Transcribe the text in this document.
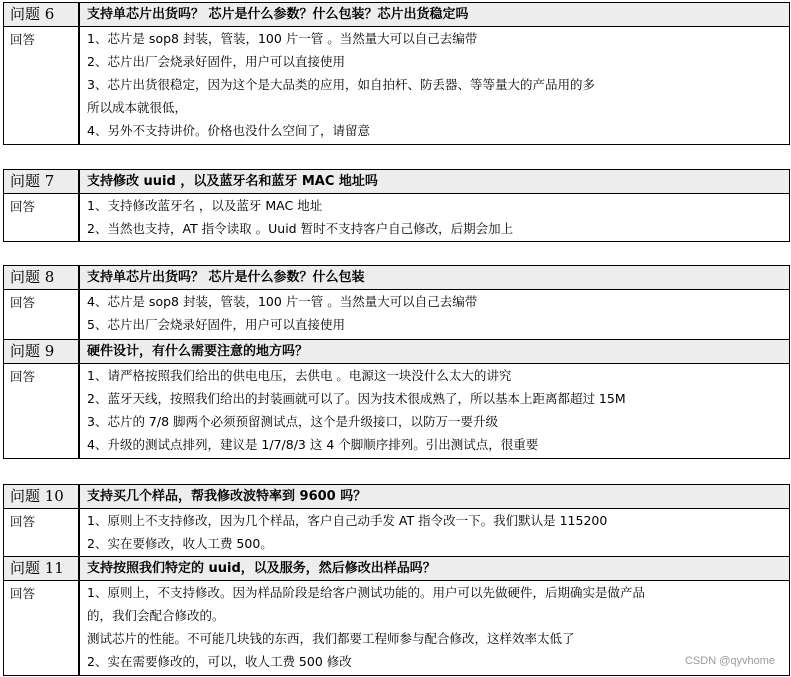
问题 6	支持单芯片出货吗？ 芯片是什么参数？什么包装？芯片出货稳定吗
回答	1、芯片是 sop8 封装，管装，100 片一管 。当然量大可以自己去编带
2、芯片出厂会烧录好固件，用户可以直接使用
3、芯片出货很稳定，因为这个是大品类的应用，如自拍杆、防丢器、等等量大的产品用的多
所以成本就很低，
4、另外不支持讲价。价格也没什么空间了，请留意
问题 7	支持修改 uuid ，以及蓝牙名和蓝牙 MAC 地址吗
回答	1、支持修改蓝牙名 ，以及蓝牙 MAC 地址
2、当然也支持，AT 指令读取 。Uuid 暂时不支持客户自己修改，后期会加上
问题 8	支持单芯片出货吗？ 芯片是什么参数？什么包装
回答	4、芯片是 sop8 封装，管装，100 片一管 。当然量大可以自己去编带
5、芯片出厂会烧录好固件，用户可以直接使用
问题 9	硬件设计，有什么需要注意的地方吗？
回答	1、请严格按照我们给出的供电电压，去供电 。电源这一块没什么太大的讲究
2、蓝牙天线，按照我们给出的封装画就可以了。因为技术很成熟了，所以基本上距离都超过 15M
3、芯片的 7/8 脚两个必须预留测试点，这个是升级接口，以防万一要升级
4、升级的测试点排列，建议是 1/7/8/3 这 4 个脚顺序排列。引出测试点，很重要
问题 10	支持买几个样品，帮我修改波特率到 9600 吗？
回答	1、原则上不支持修改，因为几个样品，客户自己动手发 AT 指令改一下。我们默认是 115200
2、实在要修改，收人工费 500。
问题 11	支持按照我们特定的 uuid，以及服务，然后修改出样品吗？
回答	1、原则上，不支持修改。因为样品阶段是给客户测试功能的。用户可以先做硬件，后期确实是做产品
的，我们会配合修改的。
测试芯片的性能。不可能几块钱的东西，我们都要工程师参与配合修改，这样效率太低了
2、实在需要修改的，可以，收人工费 500 修改	CSDN @qyvhome
